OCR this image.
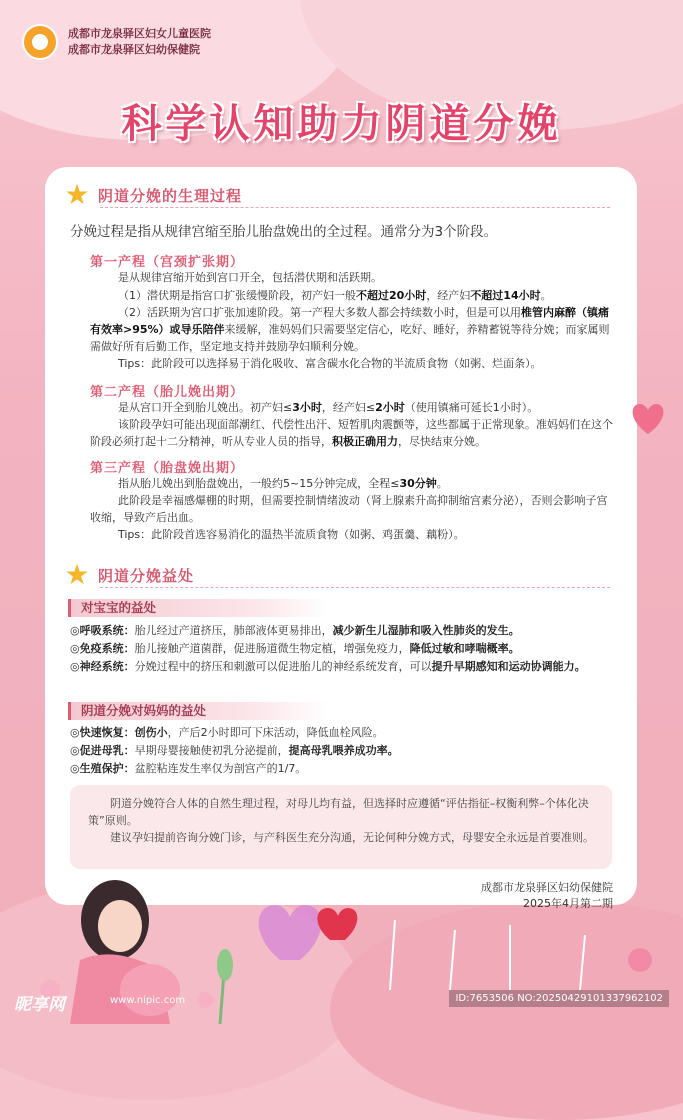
成都市龙泉驿区妇女儿童医院
成都市龙泉驿区妇幼保健院
科学认知助力阴道分娩
★ 阴道分娩的生理过程
分娩过程是指从规律宫缩至胎儿胎盘娩出的全过程。通常分为3个阶段。
第一产程（宫颈扩张期）
是从规律宫缩开始到宫口开全，包括潜伏期和活跃期。
（1）潜伏期是指宫口扩张缓慢阶段，初产妇一般不超过20小时，经产妇不超过14小时。
（2）活跃期为宫口扩张加速阶段。第一产程大多数人都会持续数小时，但是可以用椎管内麻醉（镇痛有效率>95%）或导乐陪伴来缓解，准妈妈们只需要坚定信心，吃好、睡好，养精蓄锐等待分娩；而家属则需做好所有后勤工作，坚定地支持并鼓励孕妇顺利分娩。
Tips：此阶段可以选择易于消化吸收、富含碳水化合物的半流质食物（如粥、烂面条）。
第二产程（胎儿娩出期）
是从宫口开全到胎儿娩出。初产妇≤3小时，经产妇≤2小时（使用镇痛可延长1小时）。
该阶段孕妇可能出现面部潮红、代偿性出汗、短暂肌肉震颤等，这些都属于正常现象。准妈妈们在这个阶段必须打起十二分精神，听从专业人员的指导，积极正确用力，尽快结束分娩。
第三产程（胎盘娩出期）
指从胎儿娩出到胎盘娩出，一般约5~15分钟完成，全程≤30分钟。
此阶段是幸福感爆棚的时期，但需要控制情绪波动（肾上腺素升高抑制缩宫素分泌），否则会影响子宫收缩，导致产后出血。
Tips：此阶段首选容易消化的温热半流质食物（如粥、鸡蛋羹、藕粉）。
★ 阴道分娩益处
对宝宝的益处
◎呼吸系统：胎儿经过产道挤压，肺部液体更易排出，减少新生儿湿肺和吸入性肺炎的发生。
◎免疫系统：胎儿接触产道菌群，促进肠道微生物定植，增强免疫力，降低过敏和哮喘概率。
◎神经系统：分娩过程中的挤压和刺激可以促进胎儿的神经系统发育，可以提升早期感知和运动协调能力。
阴道分娩对妈妈的益处
◎快速恢复：创伤小，产后2小时即可下床活动，降低血栓风险。
◎促进母乳：早期母婴接触使初乳分泌提前，提高母乳喂养成功率。
◎生殖保护：盆腔粘连发生率仅为剖宫产的1/7。
阴道分娩符合人体的自然生理过程，对母儿均有益，但选择时应遵循“评估指征–权衡利弊–个体化决策”原则。
建议孕妇提前咨询分娩门诊，与产科医生充分沟通，无论何种分娩方式，母婴安全永远是首要准则。
成都市龙泉驿区妇幼保健院
2025年4月第二期
昵享网	www.nipic.com	ID:7653506 NO:20250429101337962102
